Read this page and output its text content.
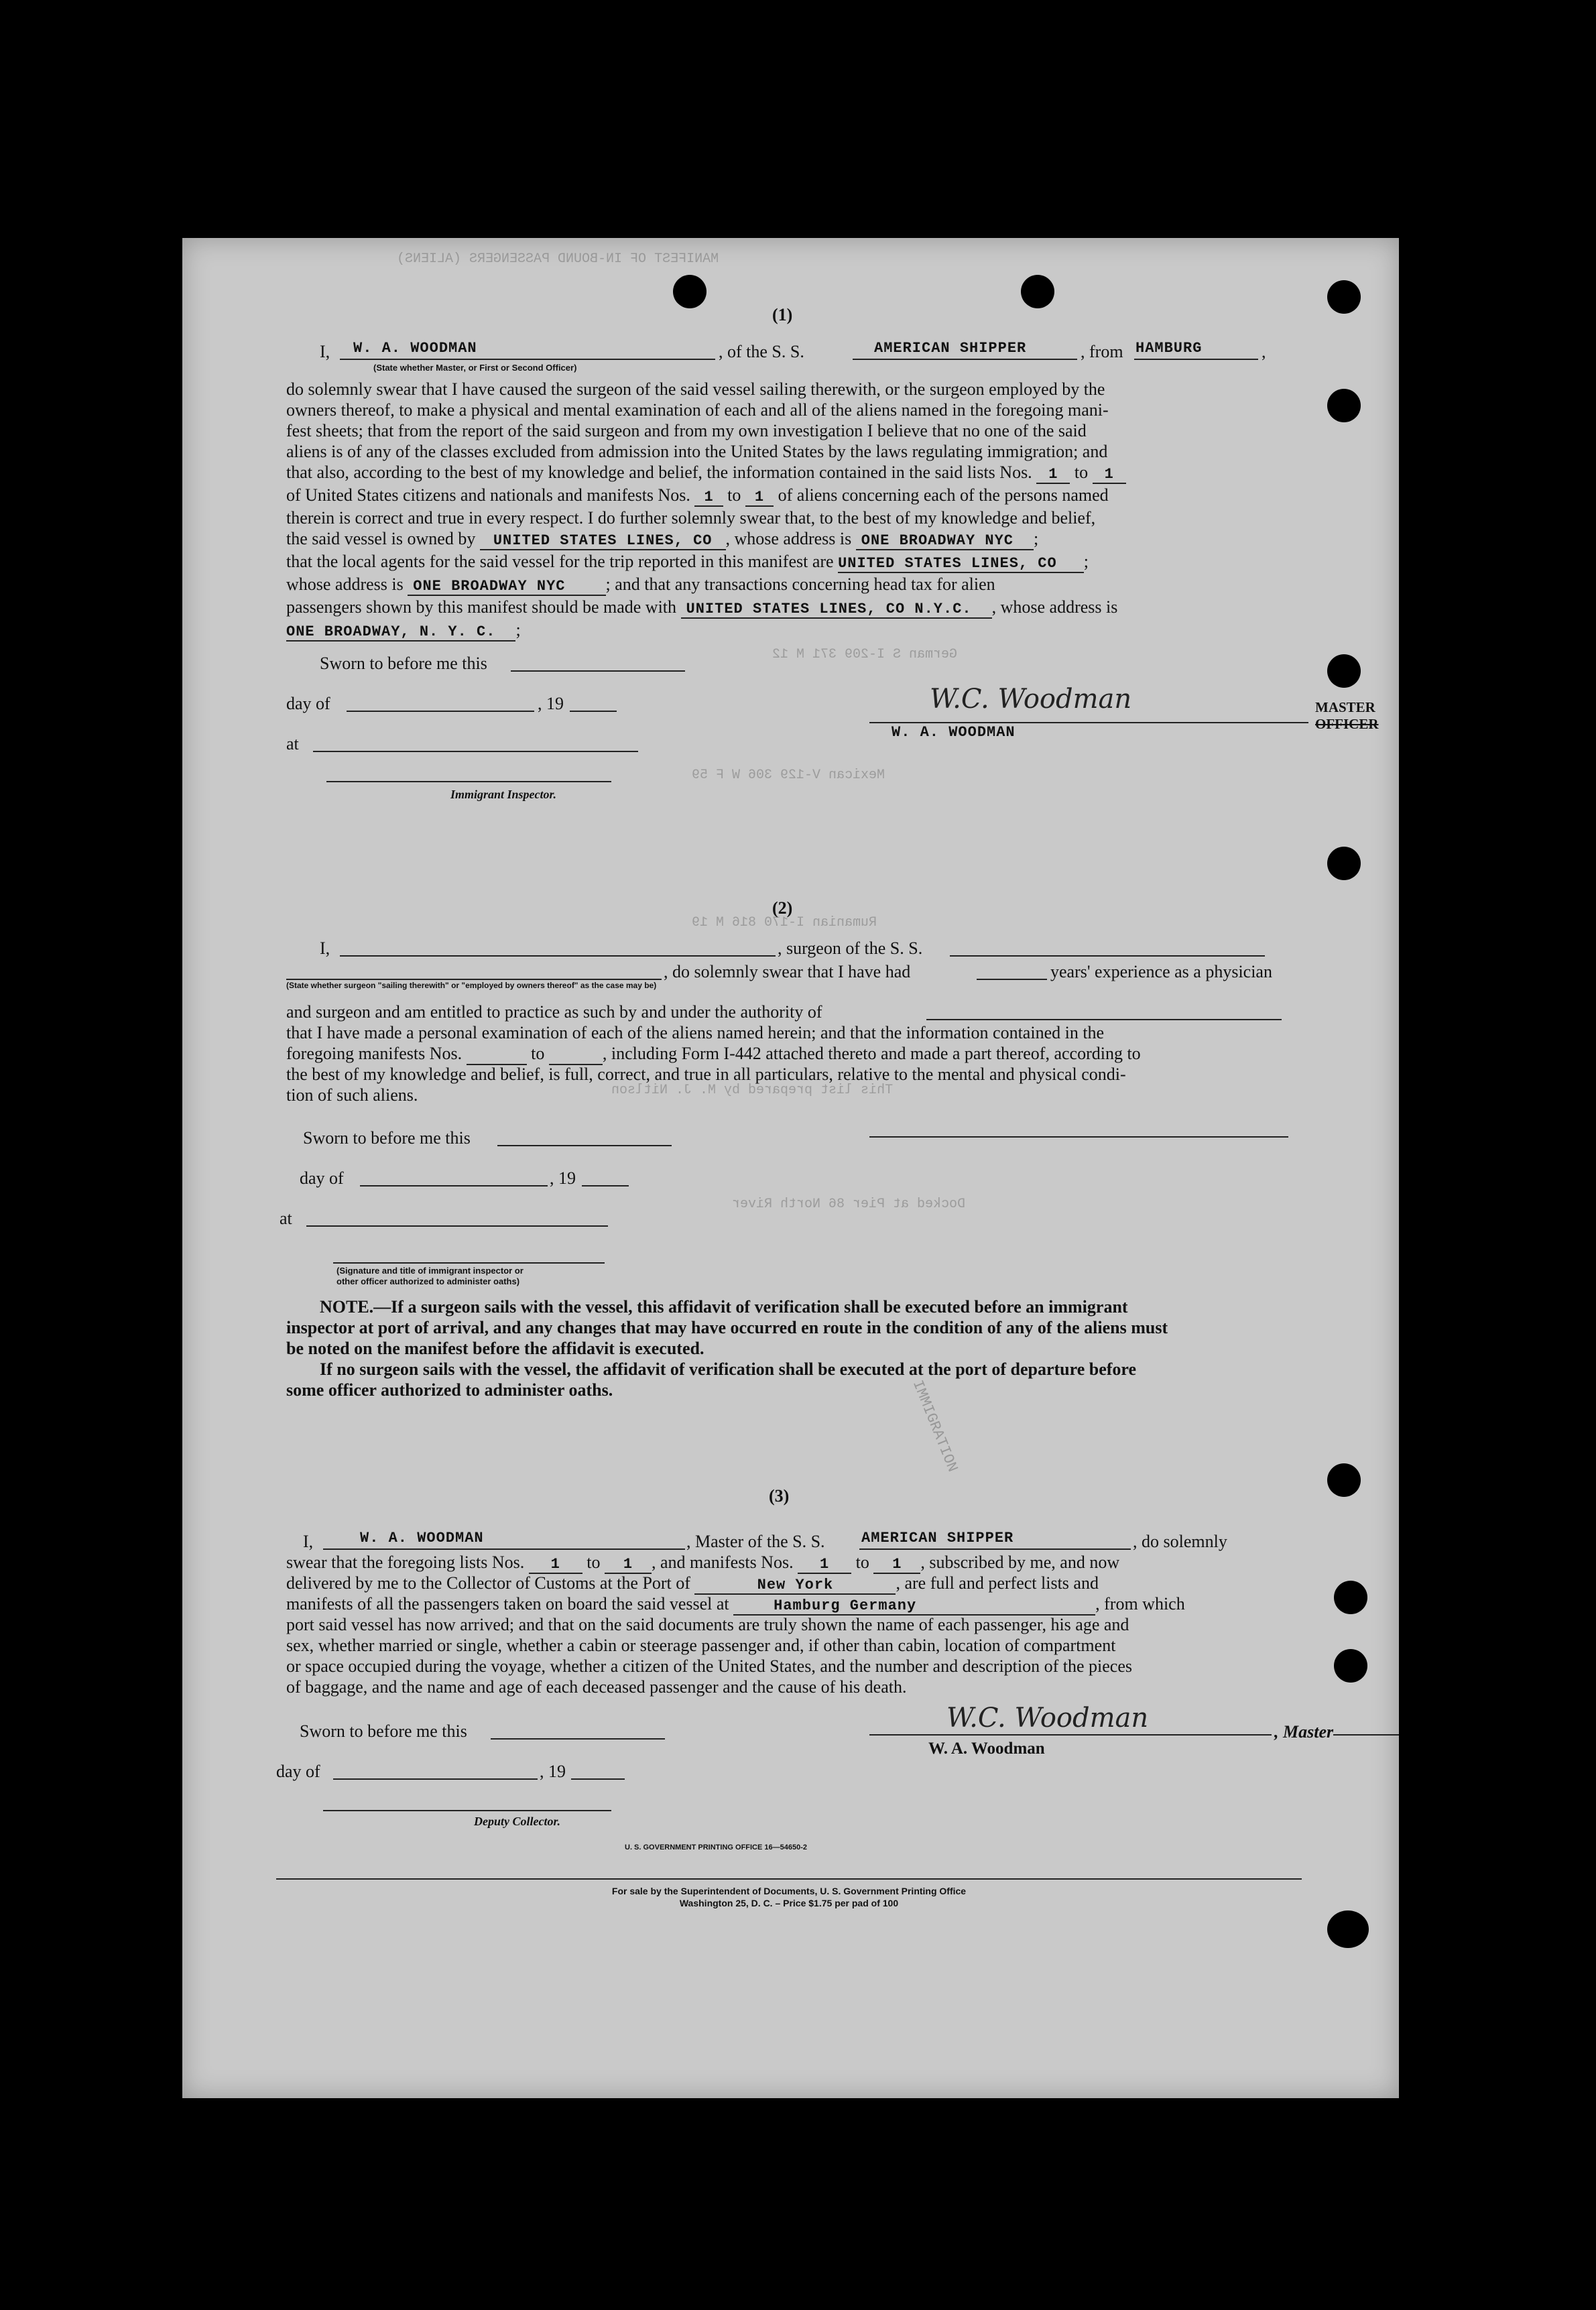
MANIFEST OF IN-BOUND PASSENGERS (ALIENS)
German S I-209 371 M 12
Mexican V-129 306 W F 59
Rumanian I-170 816 M 19
This list prepared by M. J. Nitlson
Docked at Pier 86 North River
IMMIGRATION
(1)
I, W. A. WOODMAN	, of the S. S.	AMERICAN SHIPPER	, from HAMBURG	,
(State whether Master, or First or Second Officer)
do solemnly swear that I have caused the surgeon of the said vessel sailing therewith, or the surgeon employed by the
owners thereof, to make a physical and mental examination of each and all of the aliens named in the foregoing mani-
fest sheets; that from the report of the said surgeon and from my own investigation I believe that no one of the said
aliens is of any of the classes excluded from admission into the United States by the laws regulating immigration; and
that also, according to the best of my knowledge and belief, the information contained in the said lists Nos. 1 to 1
of United States citizens and nationals and manifests Nos. 1 to 1 of aliens concerning each of the persons named
therein is correct and true in every respect. I do further solemnly swear that, to the best of my knowledge and belief,
the said vessel is owned by UNITED STATES LINES, CO , whose address is ONE BROADWAY NYC ;
that the local agents for the said vessel for the trip reported in this manifest are UNITED STATES LINES, CO ;
whose address is ONE BROADWAY NYC ; and that any transactions concerning head tax for alien
passengers shown by this manifest should be made with UNITED STATES LINES, CO N.Y.C. , whose address is
ONE BROADWAY, N. Y. C. ;
Sworn to before me this
day of	, 19
at
Immigrant Inspector.
W.C. Woodman
W. A. WOODMAN
MASTER
OFFICER
(2)
I,	, surgeon of the S. S.
, do solemnly swear that I have had	years' experience as a physician
(State whether surgeon "sailing therewith" or "employed by owners thereof" as the case may be)
and surgeon and am entitled to practice as such by and under the authority of
that I have made a personal examination of each of the aliens named herein; and that the information contained in the
foregoing manifests Nos.	to	, including Form I-442 attached thereto and made a part thereof, according to
the best of my knowledge and belief, is full, correct, and true in all particulars, relative to the mental and physical condi-
tion of such aliens.
Sworn to before me this
day of	, 19
at
(Signature and title of immigrant inspector or
other officer authorized to administer oaths)
NOTE.—If a surgeon sails with the vessel, this affidavit of verification shall be executed before an immigrant
inspector at port of arrival, and any changes that may have occurred en route in the condition of any of the aliens must
be noted on the manifest before the affidavit is executed.
If no surgeon sails with the vessel, the affidavit of verification shall be executed at the port of departure before
some officer authorized to administer oaths.
(3)
I,	W. A. WOODMAN	, Master of the S. S. AMERICAN SHIPPER	, do solemnly
swear that the foregoing lists Nos. 1 to 1 , and manifests Nos. 1 to 1 , subscribed by me, and now
delivered by me to the Collector of Customs at the Port of	New York	, are full and perfect lists and
manifests of all the passengers taken on board the said vessel at	Hamburg Germany	, from which
port said vessel has now arrived; and that on the said documents are truly shown the name of each passenger, his age and
sex, whether married or single, whether a cabin or steerage passenger and, if other than cabin, location of compartment
or space occupied during the voyage, whether a citizen of the United States, and the number and description of the pieces
of baggage, and the name and age of each deceased passenger and the cause of his death.
Sworn to before me this	W.C. Woodman	, Master
W. A. Woodman
day of	, 19
Deputy Collector.
U. S. GOVERNMENT PRINTING OFFICE 16—54650-2
For sale by the Superintendent of Documents, U. S. Government Printing Office
Washington 25, D. C. – Price $1.75 per pad of 100
